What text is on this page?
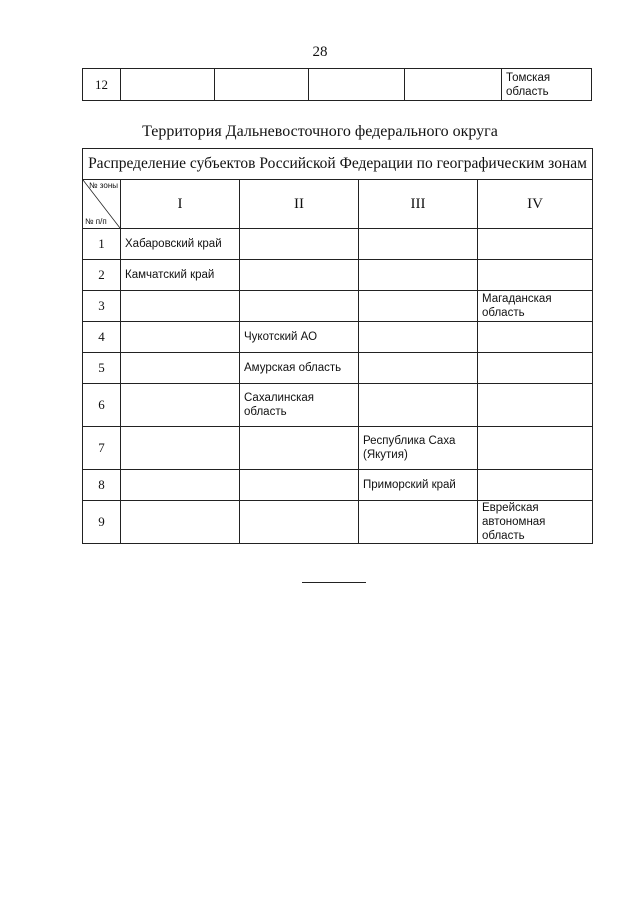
28
12					Томская область
Территория Дальневосточного федерального округа
Распределение субъектов Российской Федерации по географическим зонам				

№ зоны
№ п/п	I	II	III	IV
1	Хабаровский край			
2	Камчатский край			
3				Магаданская область
4		Чукотский АО		
5		Амурская область		
6		Сахалинская область		
7			Республика Саха (Якутия)	
8			Приморский край	
9				Еврейская автономная область
